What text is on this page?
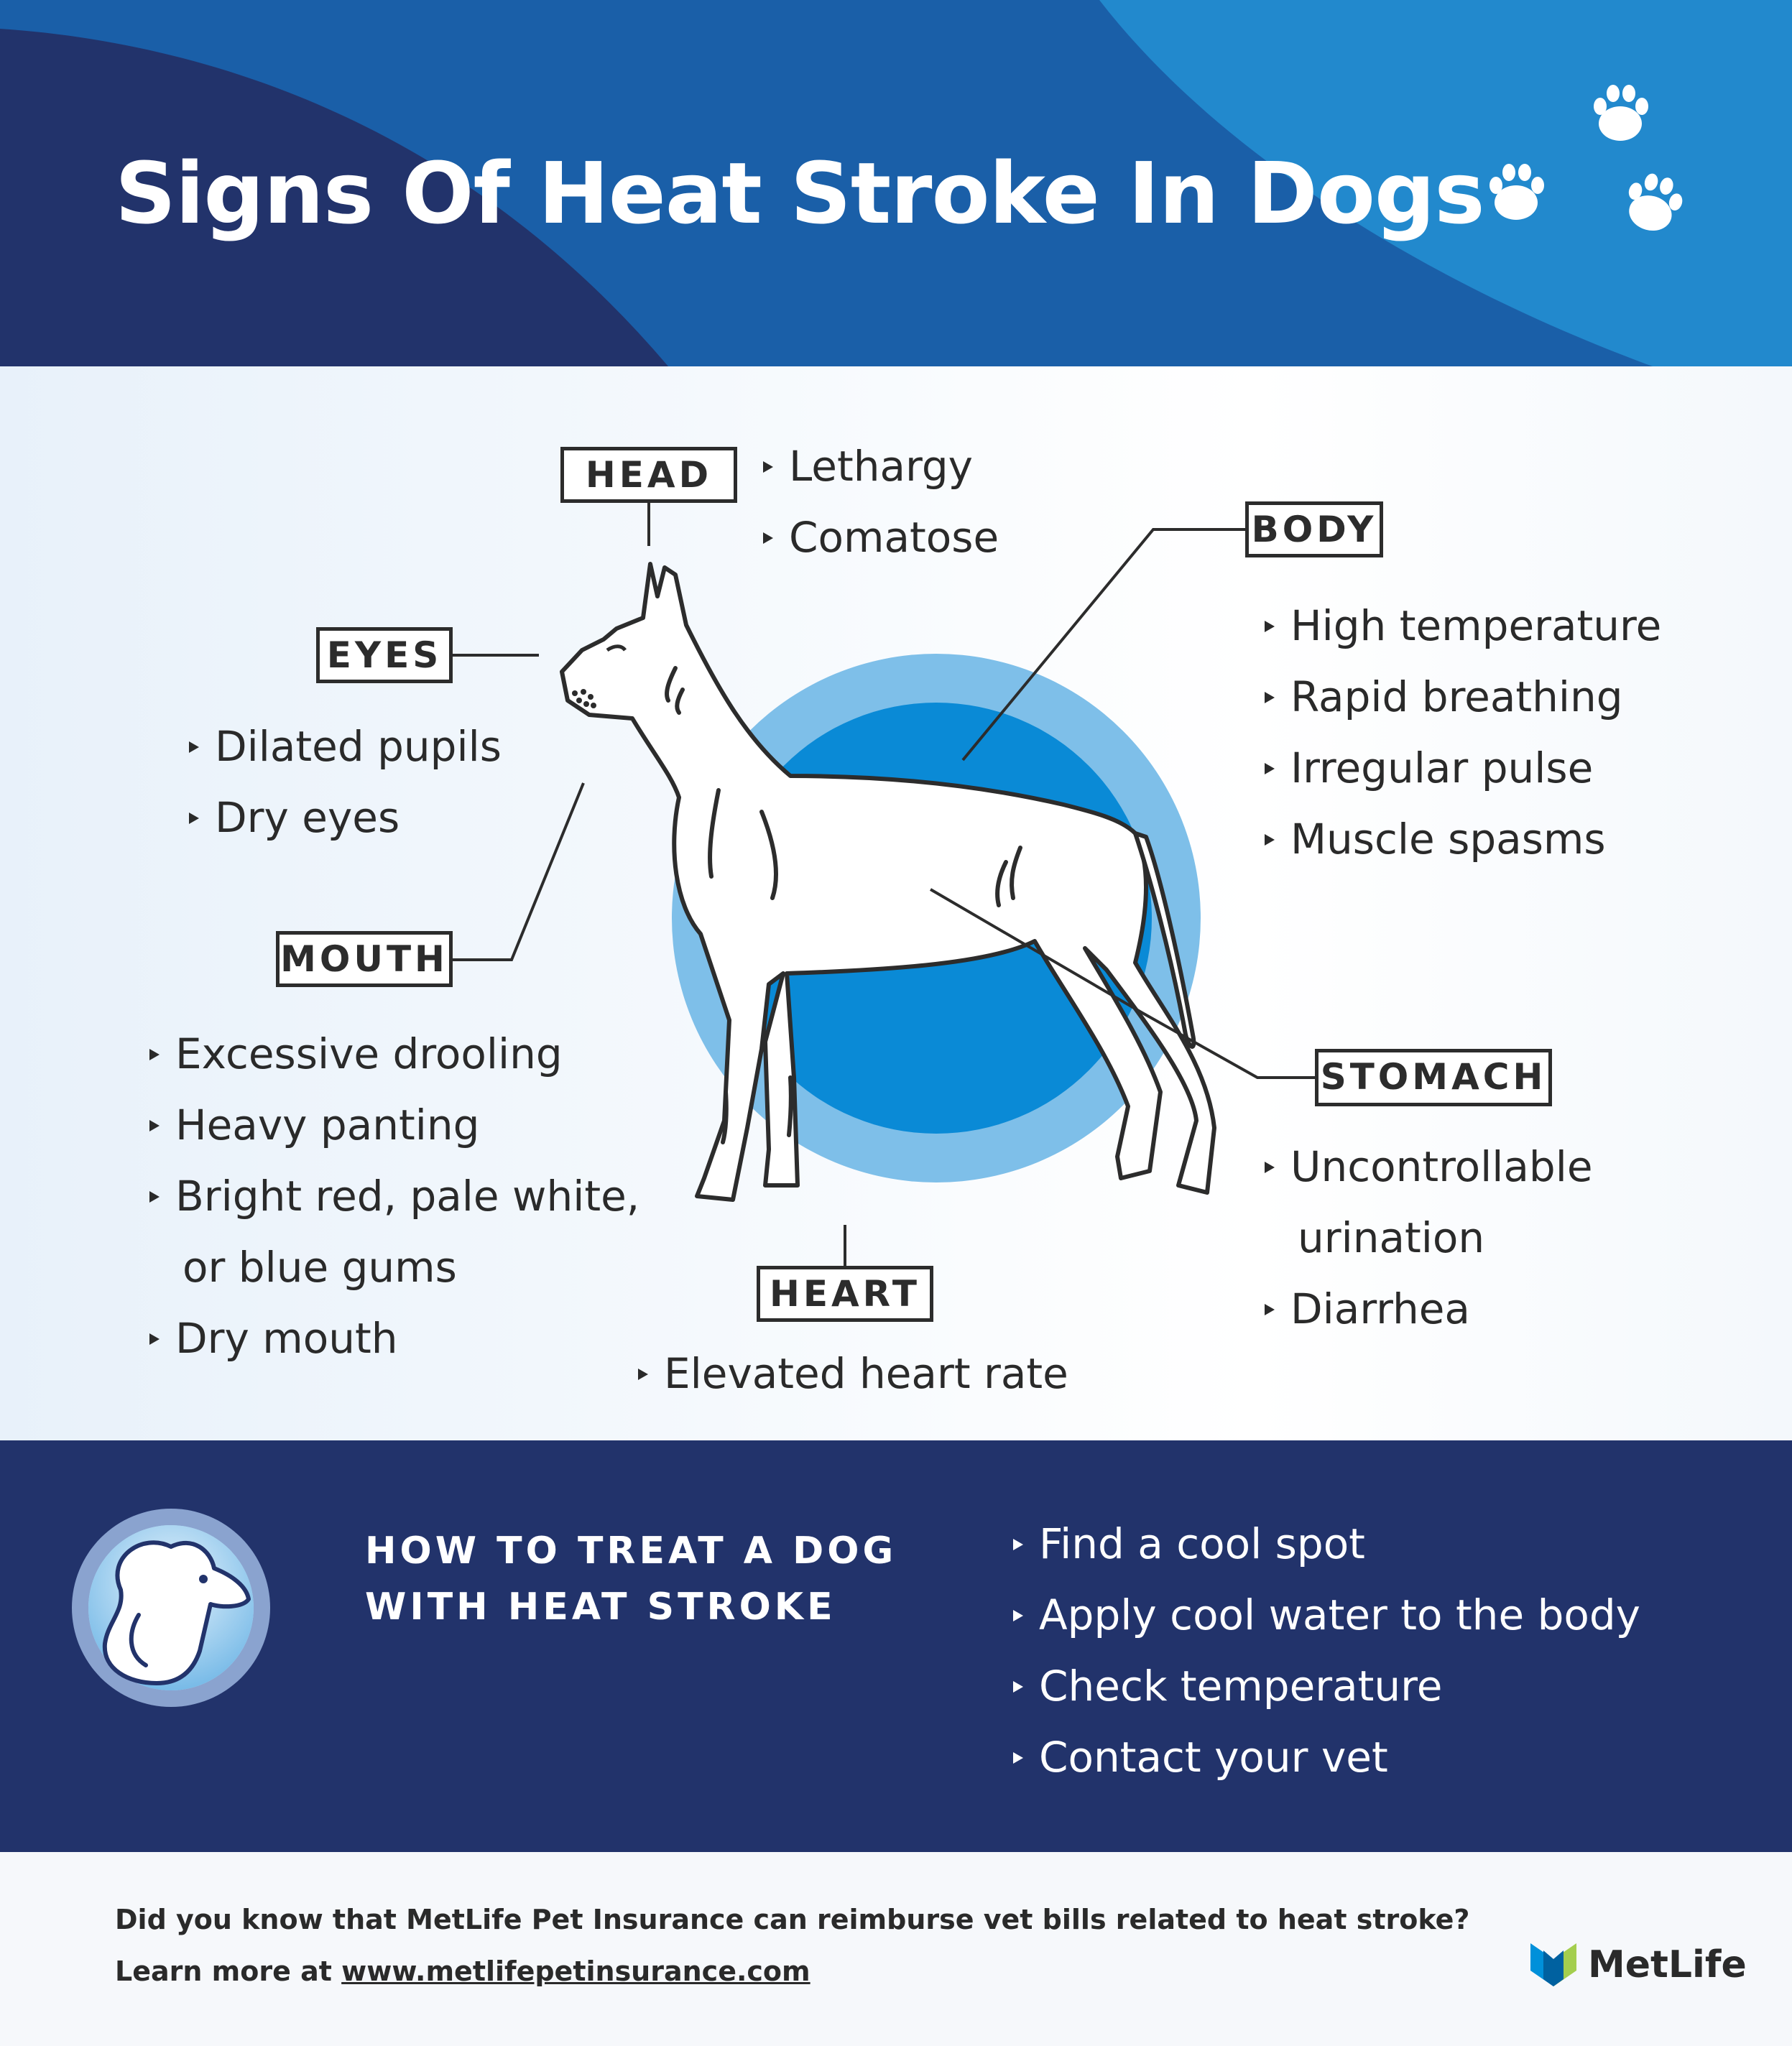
Signs Of Heat Stroke In Dogs
HEAD	Lethargy
Comatose	BODY
High temperature
Rapid breathing
Irregular pulse
Muscle spasms
EYES
Dilated pupils
Dry eyes
MOUTH
Excessive drooling
Heavy panting
Bright red, pale white,
or blue gums
Dry mouth
STOMACH
Uncontrollable
urination
Diarrhea
HEART
Elevated heart rate
HOW TO TREAT A DOG
WITH HEAT STROKE
Find a cool spot
Apply cool water to the body
Check temperature
Contact your vet
Did you know that MetLife Pet Insurance can reimburse vet bills related to heat stroke?
Learn more at www.metlifepetinsurance.com	MetLife
